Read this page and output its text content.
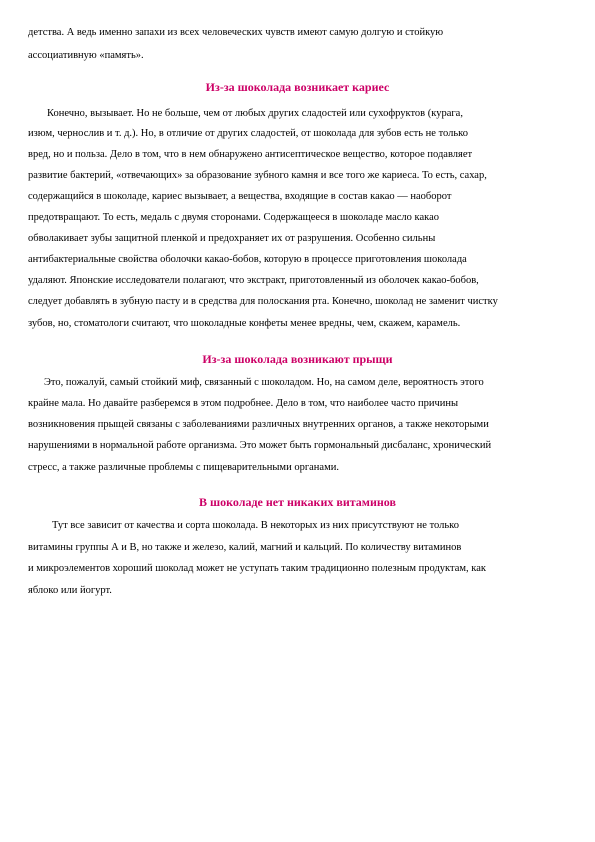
детства. А ведь именно запахи из всех человеческих чувств имеют самую долгую и стойкую
ассоциативную «память».
Из-за шоколада возникает кариес
Конечно, вызывает. Но не больше, чем от любых других сладостей или сухофруктов (курага,
изюм, чернослив и т. д.). Но, в отличие от других сладостей, от шоколада для зубов есть не только
вред, но и польза. Дело в том, что в нем обнаружено антисептическое вещество, которое подавляет
развитие бактерий, «отвечающих» за образование зубного камня и все того же кариеса. То есть, сахар,
содержащийся в шоколаде, кариес вызывает, а вещества, входящие в состав какао — наоборот
предотвращают. То есть, медаль с двумя сторонами. Содержащееся в шоколаде масло какао
обволакивает зубы защитной пленкой и предохраняет их от разрушения. Особенно сильны
антибактериальные свойства оболочки какао-бобов, которую в процессе приготовления шоколада
удаляют. Японские исследователи полагают, что экстракт, приготовленный из оболочек какао-бобов,
следует добавлять в зубную пасту и в средства для полоскания рта. Конечно, шоколад не заменит чистку
зубов, но, стоматологи считают, что шоколадные конфеты менее вредны, чем, скажем, карамель.
Из-за шоколада возникают прыщи
Это, пожалуй, самый стойкий миф, связанный с шоколадом. Но, на самом деле, вероятность этого
крайне мала. Но давайте разберемся в этом подробнее. Дело в том, что наиболее часто причины
возникновения прыщей связаны с заболеваниями различных внутренних органов, а также некоторыми
нарушениями в нормальной работе организма. Это может быть гормональный дисбаланс, хронический
стресс, а также различные проблемы с пищеварительными органами.
В шоколаде нет никаких витаминов
Тут все зависит от качества и сорта шоколада. В некоторых из них присутствуют не только
витамины группы А и B, но также и железо, калий, магний и кальций. По количеству витаминов
и микроэлементов хороший шоколад может не уступать таким традиционно полезным продуктам, как
яблоко или йогурт.
